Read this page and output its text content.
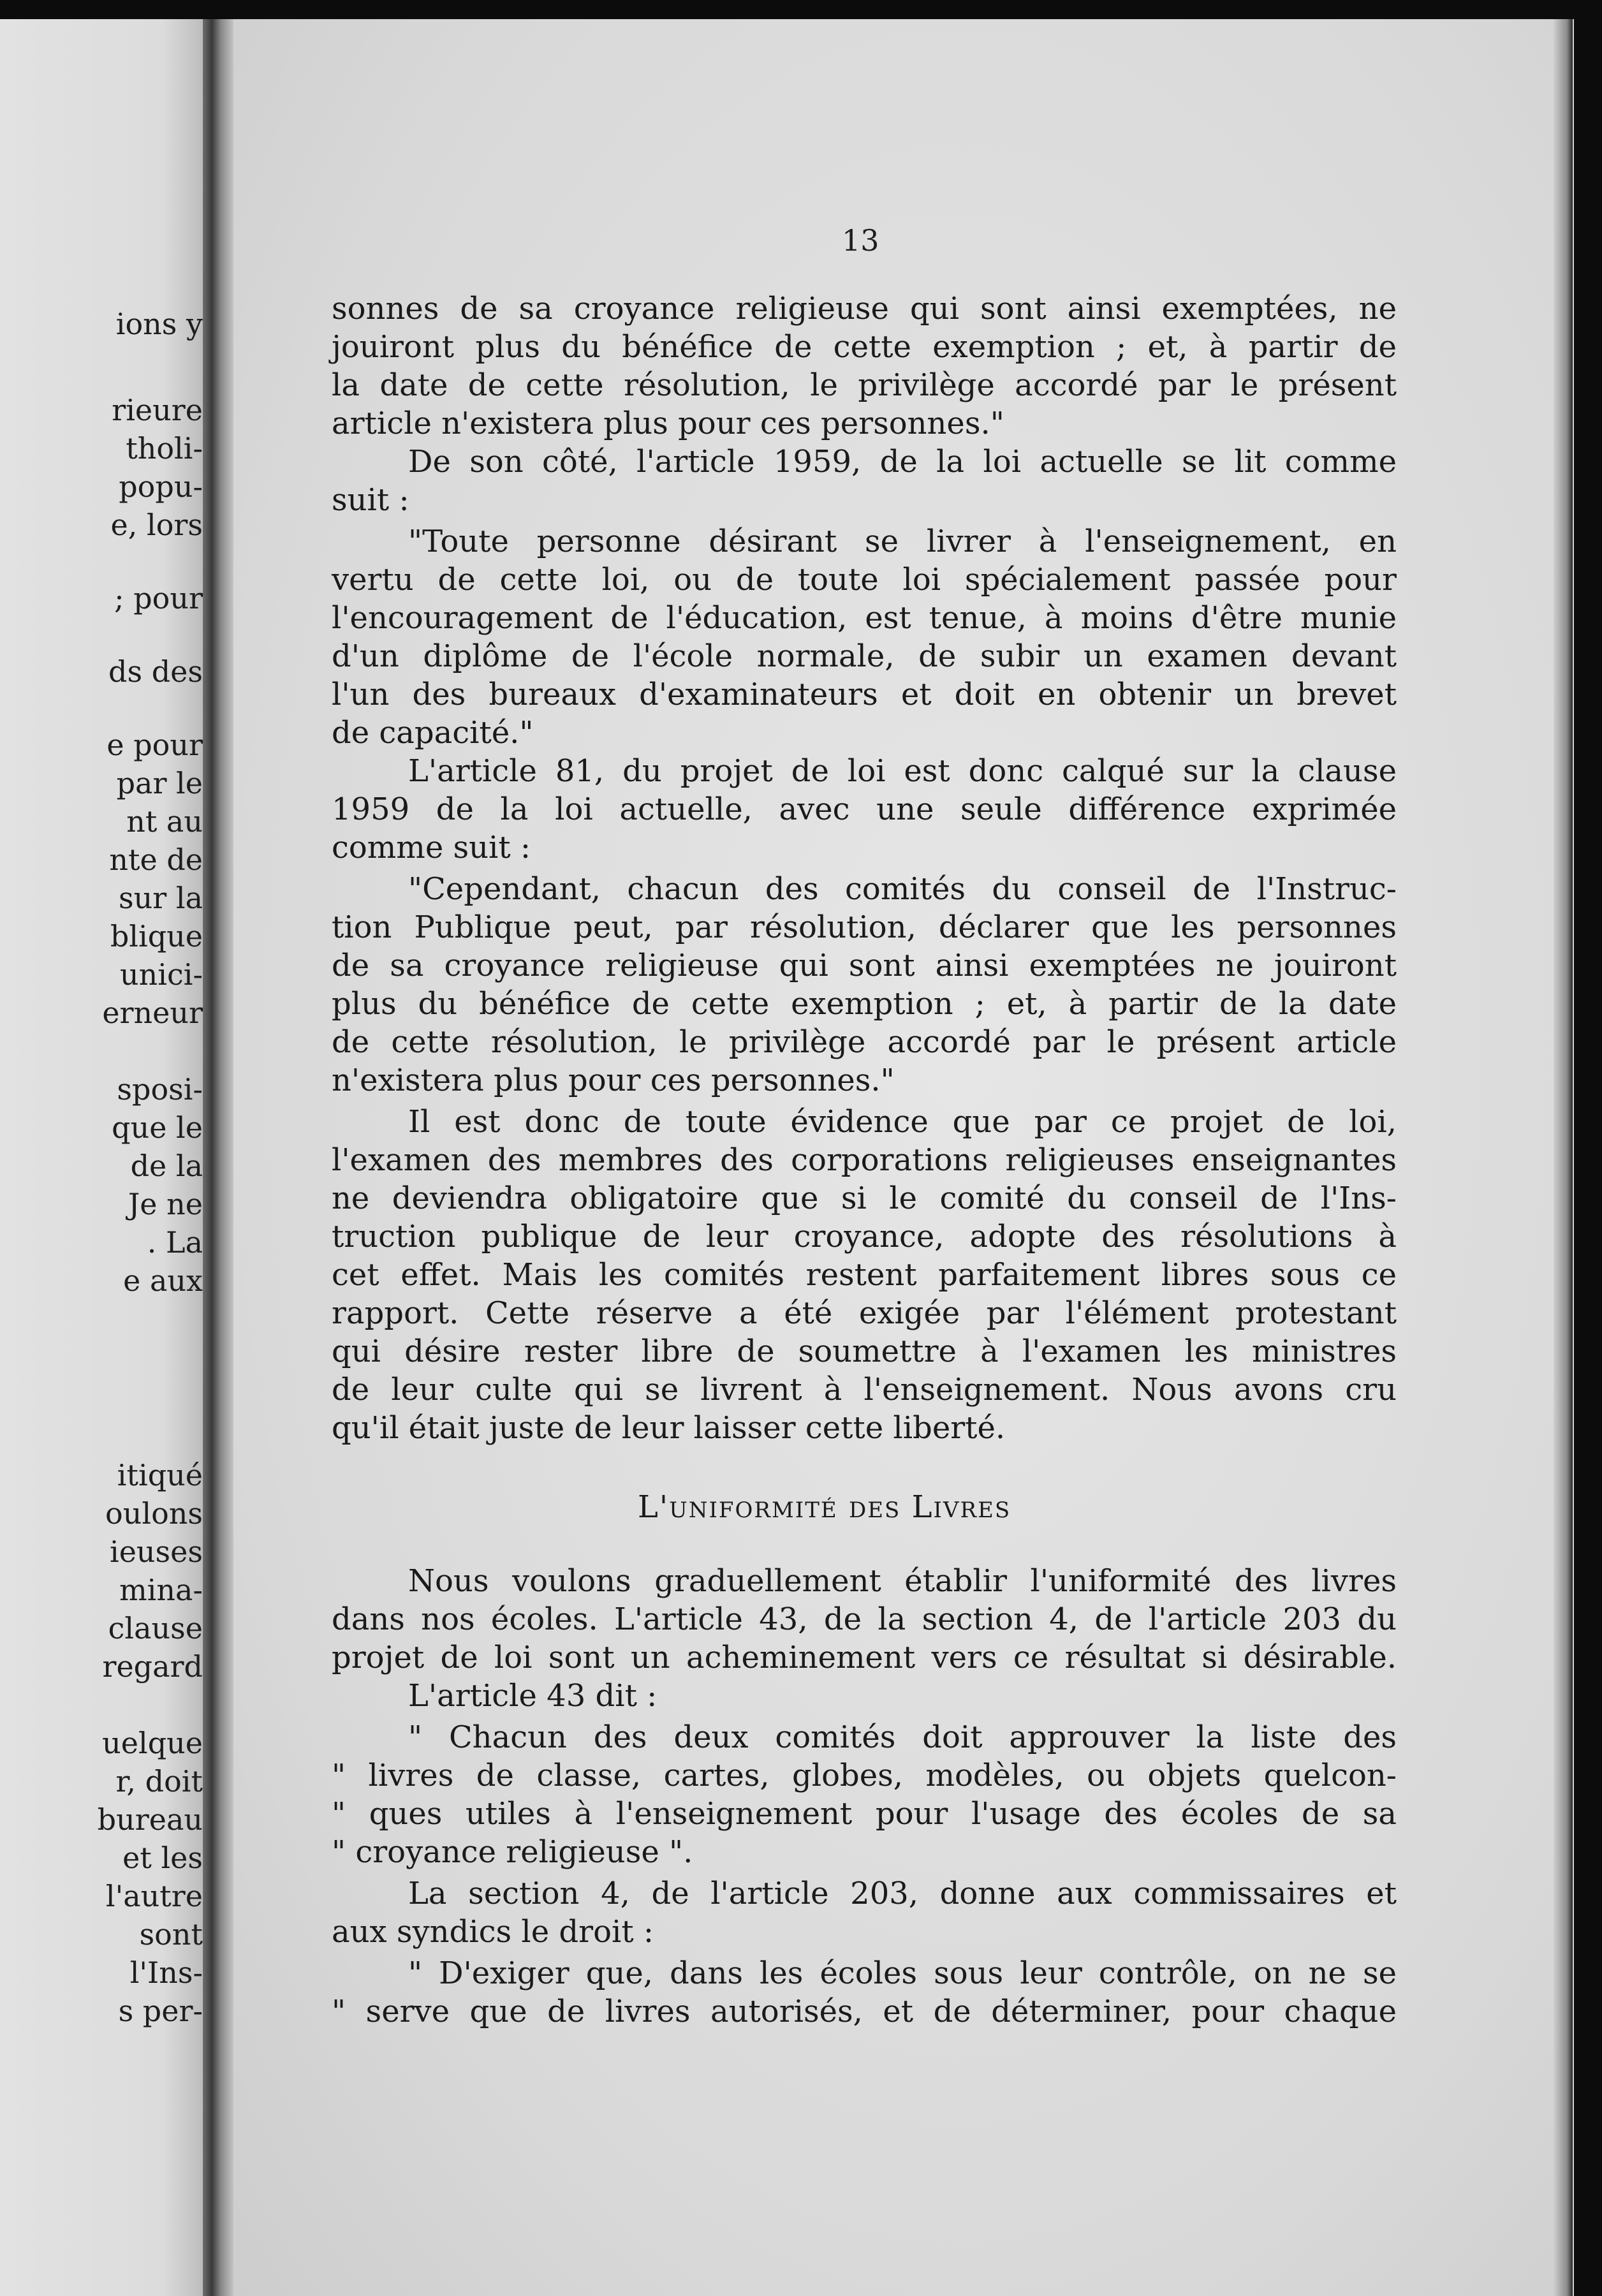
ions y
rieure
tholi-
popu-
e, lors
; pour
ds des
e pour
par le
nt au
nte de
sur la
blique
unici-
erneur
sposi-
que le
de la
Je ne
. La
e aux
itiqué
oulons
ieuses
mina-
clause
regard
uelque
r, doit
bureau
et les
l'autre
sont
l'Ins-
s per-
13
sonnes de sa croyance religieuse qui sont ainsi exemptées, ne
jouiront plus du bénéfice de cette exemption ; et, à partir de
la date de cette résolution, le privilège accordé par le présent
article n'existera plus pour ces personnes."
De son côté, l'article 1959, de la loi actuelle se lit comme
suit :
"Toute personne désirant se livrer à l'enseignement, en
vertu de cette loi, ou de toute loi spécialement passée pour
l'encouragement de l'éducation, est tenue, à moins d'être munie
d'un diplôme de l'école normale, de subir un examen devant
l'un des bureaux d'examinateurs et doit en obtenir un brevet
de capacité."
L'article 81, du projet de loi est donc calqué sur la clause
1959 de la loi actuelle, avec une seule différence exprimée
comme suit :
"Cependant, chacun des comités du conseil de l'Instruc-
tion Publique peut, par résolution, déclarer que les personnes
de sa croyance religieuse qui sont ainsi exemptées ne jouiront
plus du bénéfice de cette exemption ; et, à partir de la date
de cette résolution, le privilège accordé par le présent article
n'existera plus pour ces personnes."
Il est donc de toute évidence que par ce projet de loi,
l'examen des membres des corporations religieuses enseignantes
ne deviendra obligatoire que si le comité du conseil de l'Ins-
truction publique de leur croyance, adopte des résolutions à
cet effet. Mais les comités restent parfaitement libres sous ce
rapport. Cette réserve a été exigée par l'élément protestant
qui désire rester libre de soumettre à l'examen les ministres
de leur culte qui se livrent à l'enseignement. Nous avons cru
qu'il était juste de leur laisser cette liberté.
L'uniformité des Livres
Nous voulons graduellement établir l'uniformité des livres
dans nos écoles. L'article 43, de la section 4, de l'article 203 du
projet de loi sont un acheminement vers ce résultat si désirable.
L'article 43 dit :
" Chacun des deux comités doit approuver la liste des
" livres de classe, cartes, globes, modèles, ou objets quelcon-
" ques utiles à l'enseignement pour l'usage des écoles de sa
" croyance religieuse ".
La section 4, de l'article 203, donne aux commissaires et
aux syndics le droit :
" D'exiger que, dans les écoles sous leur contrôle, on ne se
" serve que de livres autorisés, et de déterminer, pour chaque
